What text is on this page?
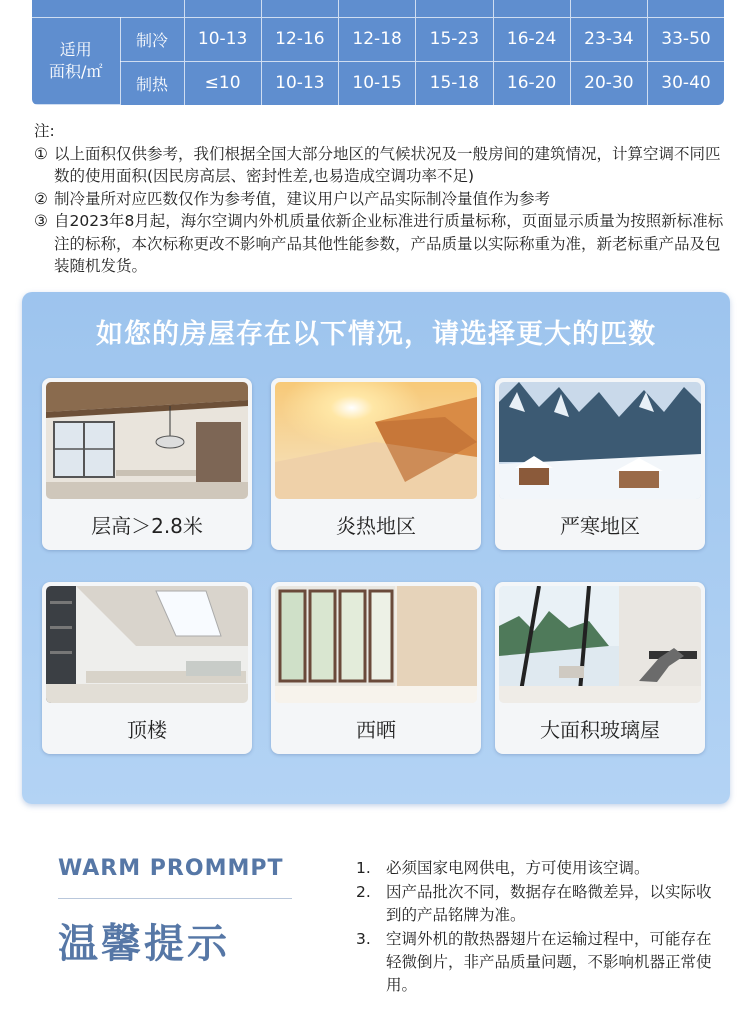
适用
面积/㎡	制冷	10-13	12-16	12-18	15-23	16-24	23-34	33-50
	制热	≤10	10-13	10-15	15-18	16-20	20-30	30-40
注:
① 以上面积仅供参考，我们根据全国大部分地区的气候状况及一般房间的建筑情况，计算空调不同匹数的使用面积(因民房高层、密封性差,也易造成空调功率不足)
② 制冷量所对应匹数仅作为参考值，建议用户以产品实际制冷量值作为参考
③ 自2023年8月起，海尔空调内外机质量依新企业标准进行质量标称，页面显示质量为按照新标准标注的标称，本次标称更改不影响产品其他性能参数，产品质量以实际称重为准，新老标重产品及包装随机发货。
如您的房屋存在以下情况，请选择更大的匹数
层高＞2.8米	炎热地区	严寒地区
顶楼	西晒	大面积玻璃屋
WARM PROMMPT
温馨提示
1. 必须国家电网供电，方可使用该空调。
2. 因产品批次不同，数据存在略微差异，以实际收到的产品铭牌为准。
3. 空调外机的散热器翅片在运输过程中，可能存在轻微倒片，非产品质量问题，不影响机器正常使用。
